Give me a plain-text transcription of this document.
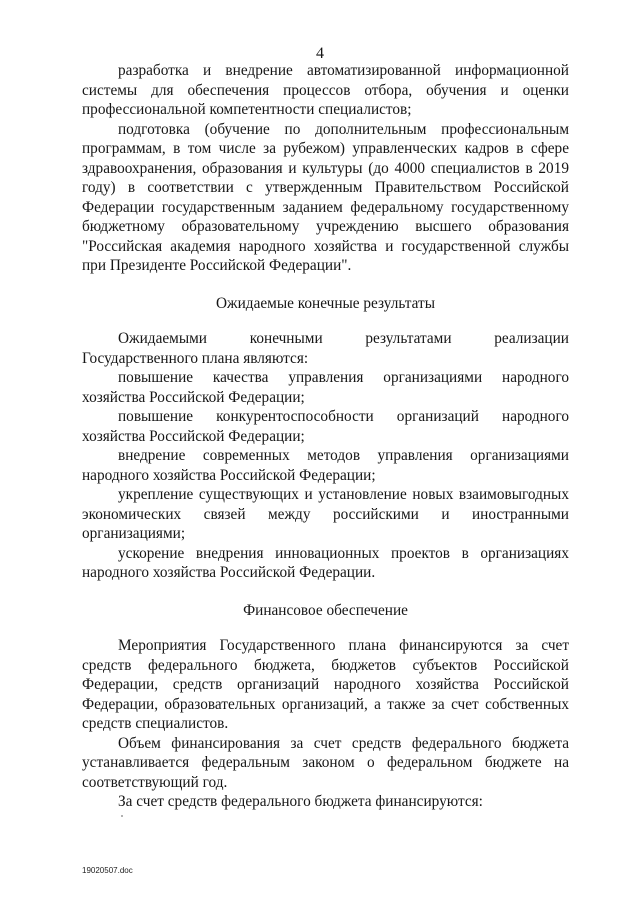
4

разработка и внедрение автоматизированной информационной системы для обеспечения процессов отбора, обучения и оценки профессиональной компетентности специалистов;

подготовка (обучение по дополнительным профессиональным программам, в том числе за рубежом) управленческих кадров в сфере здравоохранения, образования и культуры (до 4000 специалистов в 2019 году) в соответствии с утвержденным Правительством Российской Федерации государственным заданием федеральному государственному бюджетному образовательному учреждению высшего образования "Российская академия народного хозяйства и государственной службы при Президенте Российской Федерации".

Ожидаемые конечные результаты

Ожидаемыми конечными результатами реализации Государственного плана являются:

повышение качества управления организациями народного хозяйства Российской Федерации;

повышение конкурентоспособности организаций народного хозяйства Российской Федерации;

внедрение современных методов управления организациями народного хозяйства Российской Федерации;

укрепление существующих и установление новых взаимовыгодных экономических связей между российскими и иностранными организациями;

ускорение внедрения инновационных проектов в организациях народного хозяйства Российской Федерации.

Финансовое обеспечение

Мероприятия Государственного плана финансируются за счет средств федерального бюджета, бюджетов субъектов Российской Федерации, средств организаций народного хозяйства Российской Федерации, образовательных организаций, а также за счет собственных средств специалистов.

Объем финансирования за счет средств федерального бюджета устанавливается федеральным законом о федеральном бюджете на соответствующий год.

За счет средств федерального бюджета финансируются:

19020507.doc
